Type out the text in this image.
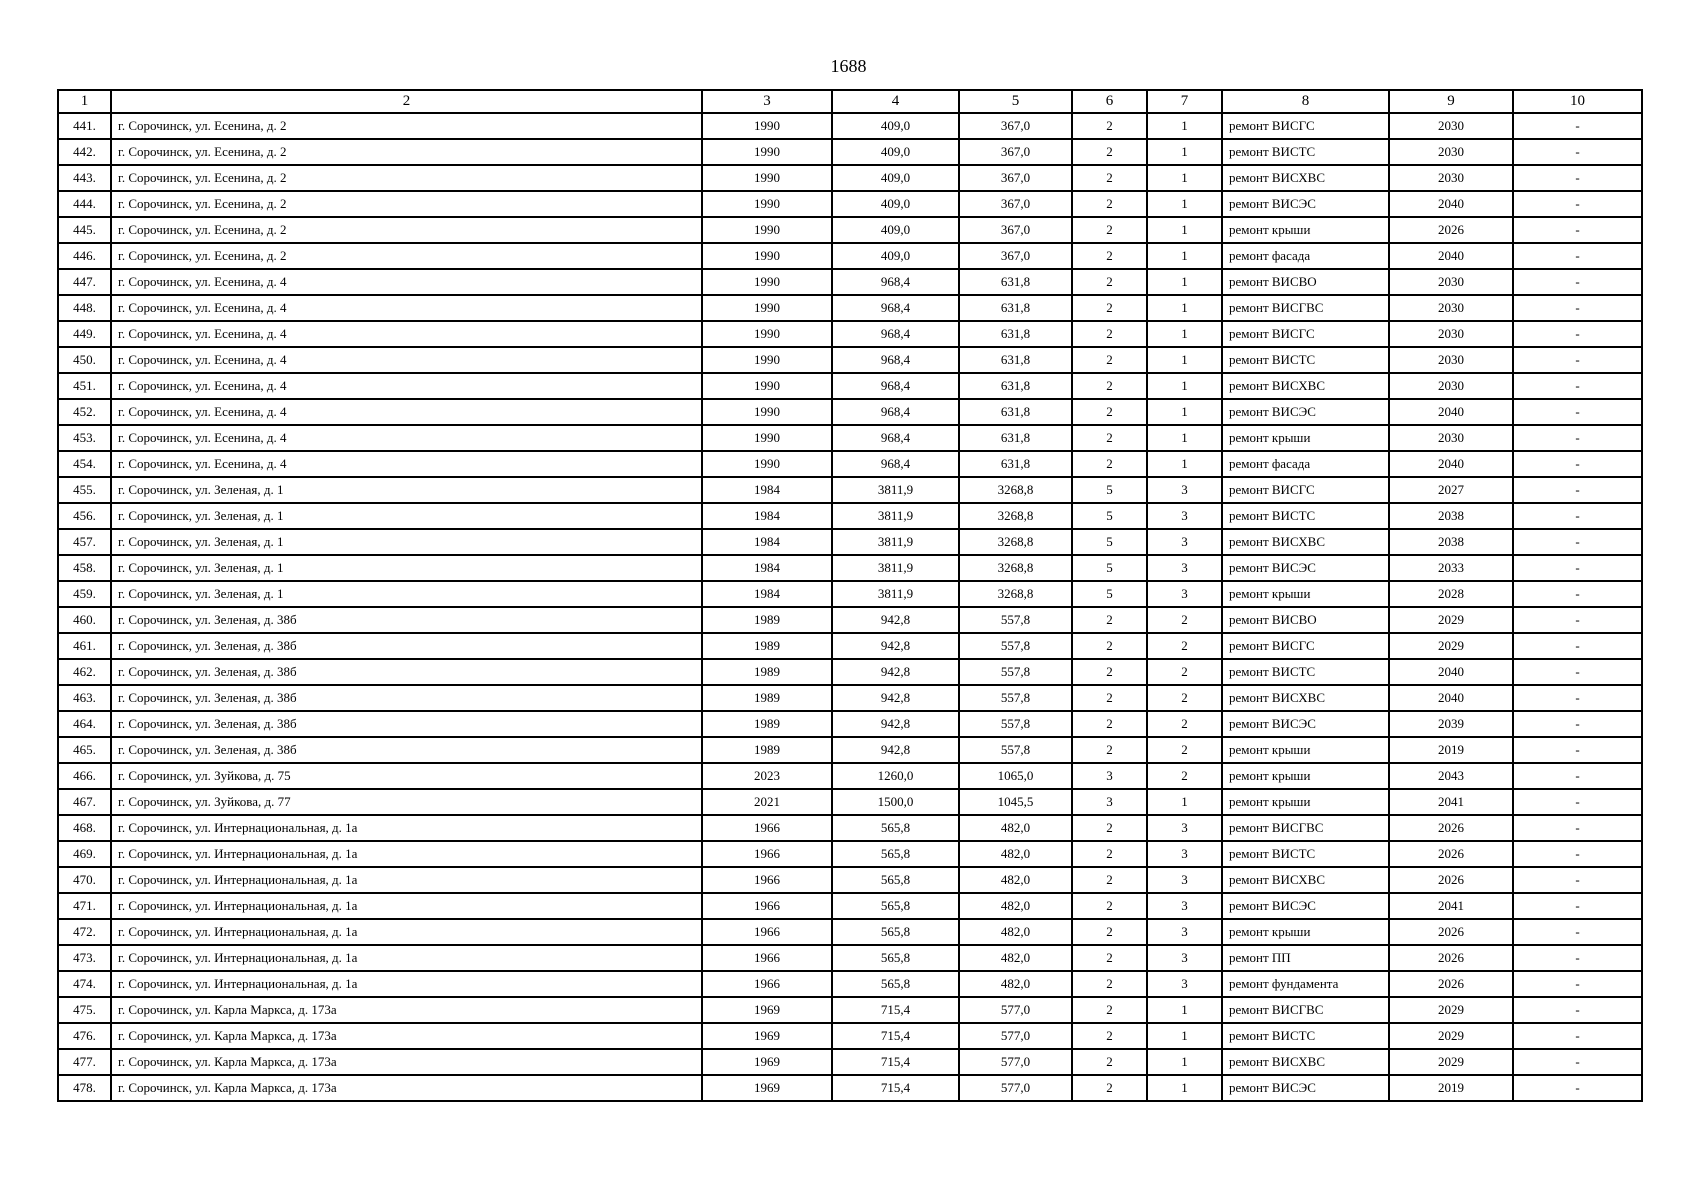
1688
1	2	3	4	5	6	7	8	9	10
441.	г. Сорочинск, ул. Есенина, д. 2	1990	409,0	367,0	2	1	ремонт ВИСГС	2030	-
442.	г. Сорочинск, ул. Есенина, д. 2	1990	409,0	367,0	2	1	ремонт ВИСТС	2030	-
443.	г. Сорочинск, ул. Есенина, д. 2	1990	409,0	367,0	2	1	ремонт ВИСХВС	2030	-
444.	г. Сорочинск, ул. Есенина, д. 2	1990	409,0	367,0	2	1	ремонт ВИСЭС	2040	-
445.	г. Сорочинск, ул. Есенина, д. 2	1990	409,0	367,0	2	1	ремонт крыши	2026	-
446.	г. Сорочинск, ул. Есенина, д. 2	1990	409,0	367,0	2	1	ремонт фасада	2040	-
447.	г. Сорочинск, ул. Есенина, д. 4	1990	968,4	631,8	2	1	ремонт ВИСВО	2030	-
448.	г. Сорочинск, ул. Есенина, д. 4	1990	968,4	631,8	2	1	ремонт ВИСГВС	2030	-
449.	г. Сорочинск, ул. Есенина, д. 4	1990	968,4	631,8	2	1	ремонт ВИСГС	2030	-
450.	г. Сорочинск, ул. Есенина, д. 4	1990	968,4	631,8	2	1	ремонт ВИСТС	2030	-
451.	г. Сорочинск, ул. Есенина, д. 4	1990	968,4	631,8	2	1	ремонт ВИСХВС	2030	-
452.	г. Сорочинск, ул. Есенина, д. 4	1990	968,4	631,8	2	1	ремонт ВИСЭС	2040	-
453.	г. Сорочинск, ул. Есенина, д. 4	1990	968,4	631,8	2	1	ремонт крыши	2030	-
454.	г. Сорочинск, ул. Есенина, д. 4	1990	968,4	631,8	2	1	ремонт фасада	2040	-
455.	г. Сорочинск, ул. Зеленая, д. 1	1984	3811,9	3268,8	5	3	ремонт ВИСГС	2027	-
456.	г. Сорочинск, ул. Зеленая, д. 1	1984	3811,9	3268,8	5	3	ремонт ВИСТС	2038	-
457.	г. Сорочинск, ул. Зеленая, д. 1	1984	3811,9	3268,8	5	3	ремонт ВИСХВС	2038	-
458.	г. Сорочинск, ул. Зеленая, д. 1	1984	3811,9	3268,8	5	3	ремонт ВИСЭС	2033	-
459.	г. Сорочинск, ул. Зеленая, д. 1	1984	3811,9	3268,8	5	3	ремонт крыши	2028	-
460.	г. Сорочинск, ул. Зеленая, д. 38б	1989	942,8	557,8	2	2	ремонт ВИСВО	2029	-
461.	г. Сорочинск, ул. Зеленая, д. 38б	1989	942,8	557,8	2	2	ремонт ВИСГС	2029	-
462.	г. Сорочинск, ул. Зеленая, д. 38б	1989	942,8	557,8	2	2	ремонт ВИСТС	2040	-
463.	г. Сорочинск, ул. Зеленая, д. 38б	1989	942,8	557,8	2	2	ремонт ВИСХВС	2040	-
464.	г. Сорочинск, ул. Зеленая, д. 38б	1989	942,8	557,8	2	2	ремонт ВИСЭС	2039	-
465.	г. Сорочинск, ул. Зеленая, д. 38б	1989	942,8	557,8	2	2	ремонт крыши	2019	-
466.	г. Сорочинск, ул. Зуйкова, д. 75	2023	1260,0	1065,0	3	2	ремонт крыши	2043	-
467.	г. Сорочинск, ул. Зуйкова, д. 77	2021	1500,0	1045,5	3	1	ремонт крыши	2041	-
468.	г. Сорочинск, ул. Интернациональная, д. 1а	1966	565,8	482,0	2	3	ремонт ВИСГВС	2026	-
469.	г. Сорочинск, ул. Интернациональная, д. 1а	1966	565,8	482,0	2	3	ремонт ВИСТС	2026	-
470.	г. Сорочинск, ул. Интернациональная, д. 1а	1966	565,8	482,0	2	3	ремонт ВИСХВС	2026	-
471.	г. Сорочинск, ул. Интернациональная, д. 1а	1966	565,8	482,0	2	3	ремонт ВИСЭС	2041	-
472.	г. Сорочинск, ул. Интернациональная, д. 1а	1966	565,8	482,0	2	3	ремонт крыши	2026	-
473.	г. Сорочинск, ул. Интернациональная, д. 1а	1966	565,8	482,0	2	3	ремонт ПП	2026	-
474.	г. Сорочинск, ул. Интернациональная, д. 1а	1966	565,8	482,0	2	3	ремонт фундамента	2026	-
475.	г. Сорочинск, ул. Карла Маркса, д. 173а	1969	715,4	577,0	2	1	ремонт ВИСГВС	2029	-
476.	г. Сорочинск, ул. Карла Маркса, д. 173а	1969	715,4	577,0	2	1	ремонт ВИСТС	2029	-
477.	г. Сорочинск, ул. Карла Маркса, д. 173а	1969	715,4	577,0	2	1	ремонт ВИСХВС	2029	-
478.	г. Сорочинск, ул. Карла Маркса, д. 173а	1969	715,4	577,0	2	1	ремонт ВИСЭС	2019	-
